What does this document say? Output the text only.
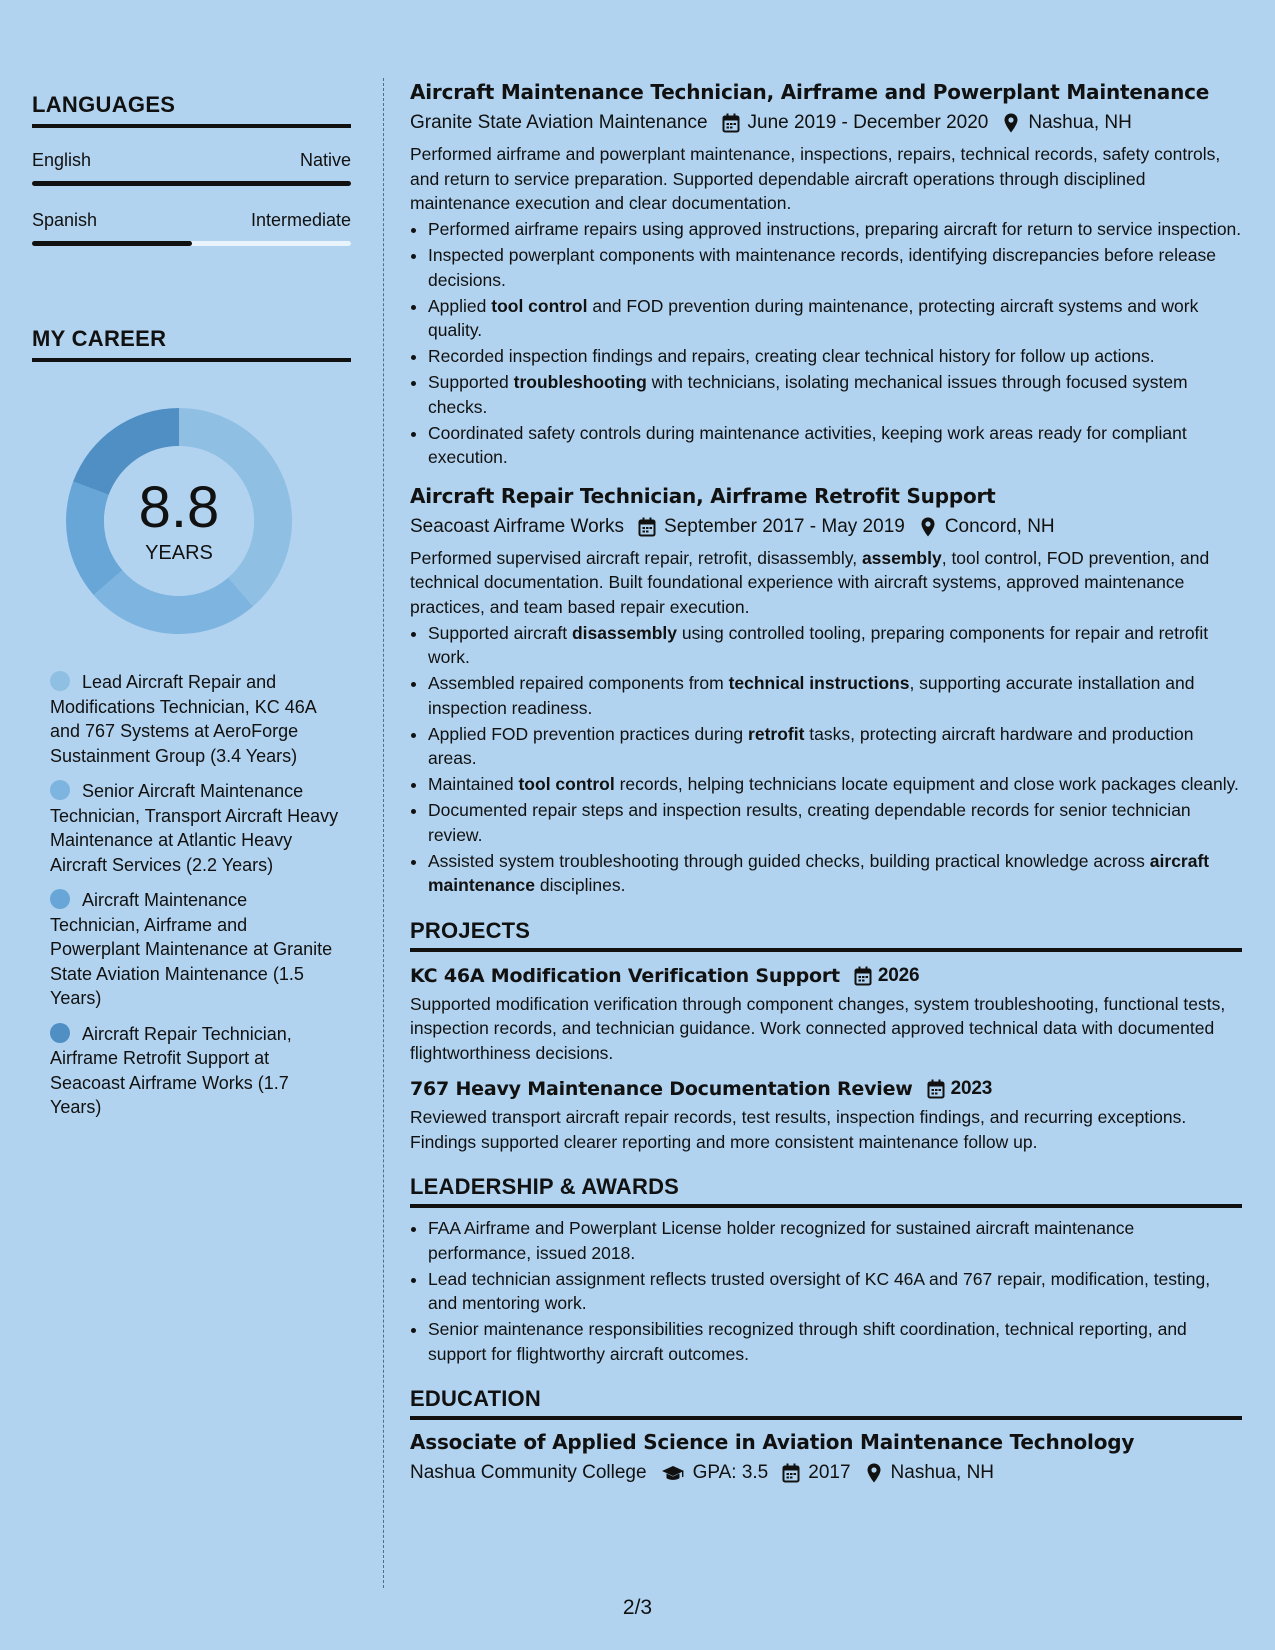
LANGUAGES
English	Native
Spanish	Intermediate
MY CAREER
8.8
YEARS
Lead Aircraft Repair and Modifications Technician, KC 46A and 767 Systems at AeroForge Sustainment Group (3.4 Years)
Senior Aircraft Maintenance Technician, Transport Aircraft Heavy Maintenance at Atlantic Heavy Aircraft Services (2.2 Years)
Aircraft Maintenance Technician, Airframe and Powerplant Maintenance at Granite State Aviation Maintenance (1.5 Years)
Aircraft Repair Technician, Airframe Retrofit Support at Seacoast Airframe Works (1.7 Years)
Aircraft Maintenance Technician, Airframe and Powerplant Maintenance
Granite State Aviation Maintenance June 2019 - December 2020 Nashua, NH

Performed airframe and powerplant maintenance, inspections, repairs, technical records, safety controls, and return to service preparation. Supported dependable aircraft operations through disciplined maintenance execution and clear documentation.

• Performed airframe repairs using approved instructions, preparing aircraft for return to service inspection.
• Inspected powerplant components with maintenance records, identifying discrepancies before release decisions.
• Applied tool control and FOD prevention during maintenance, protecting aircraft systems and work quality.
• Recorded inspection findings and repairs, creating clear technical history for follow up actions.
• Supported troubleshooting with technicians, isolating mechanical issues through focused system checks.
• Coordinated safety controls during maintenance activities, keeping work areas ready for compliant execution.
Aircraft Repair Technician, Airframe Retrofit Support
Seacoast Airframe Works September 2017 - May 2019 Concord, NH

Performed supervised aircraft repair, retrofit, disassembly, assembly, tool control, FOD prevention, and technical documentation. Built foundational experience with aircraft systems, approved maintenance practices, and team based repair execution.

• Supported aircraft disassembly using controlled tooling, preparing components for repair and retrofit work.
• Assembled repaired components from technical instructions, supporting accurate installation and inspection readiness.
• Applied FOD prevention practices during retrofit tasks, protecting aircraft hardware and production areas.
• Maintained tool control records, helping technicians locate equipment and close work packages cleanly.
• Documented repair steps and inspection results, creating dependable records for senior technician review.
• Assisted system troubleshooting through guided checks, building practical knowledge across aircraft maintenance disciplines.
PROJECTS
KC 46A Modification Verification Support 2026

Supported modification verification through component changes, system troubleshooting, functional tests, inspection records, and technician guidance. Work connected approved technical data with documented flightworthiness decisions.

767 Heavy Maintenance Documentation Review 2023

Reviewed transport aircraft repair records, test results, inspection findings, and recurring exceptions. Findings supported clearer reporting and more consistent maintenance follow up.

LEADERSHIP & AWARDS
• FAA Airframe and Powerplant License holder recognized for sustained aircraft maintenance performance, issued 2018.
• Lead technician assignment reflects trusted oversight of KC 46A and 767 repair, modification, testing, and mentoring work.
• Senior maintenance responsibilities recognized through shift coordination, technical reporting, and support for flightworthy aircraft outcomes.
EDUCATION
Associate of Applied Science in Aviation Maintenance Technology
Nashua Community College GPA: 3.5 2017 Nashua, NH
2/3
